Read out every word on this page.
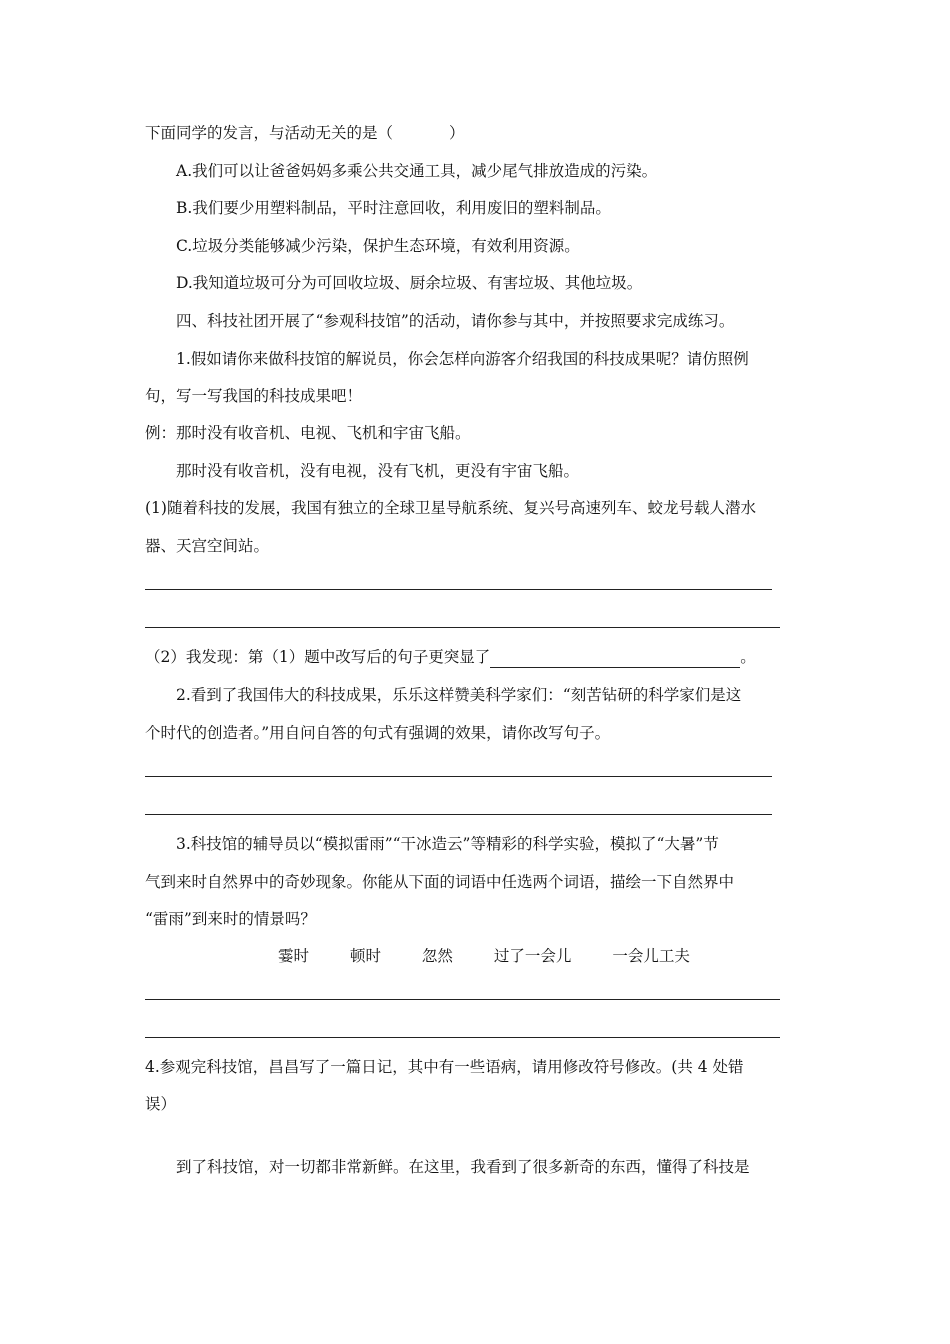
下面同学的发言，与活动无关的是（	）
A.我们可以让爸爸妈妈多乘公共交通工具，减少尾气排放造成的污染。
B.我们要少用塑料制品，平时注意回收，利用废旧的塑料制品。
C.垃圾分类能够减少污染，保护生态环境，有效利用资源。
D.我知道垃圾可分为可回收垃圾、厨余垃圾、有害垃圾、其他垃圾。
四、科技社团开展了“参观科技馆”的活动，请你参与其中，并按照要求完成练习。
1.假如请你来做科技馆的解说员，你会怎样向游客介绍我国的科技成果呢？请仿照例
句，写一写我国的科技成果吧！
例：那时没有收音机、电视、飞机和宇宙飞船。
那时没有收音机，没有电视，没有飞机，更没有宇宙飞船。
(1)随着科技的发展，我国有独立的全球卫星导航系统、复兴号高速列车、蛟龙号载人潜水
器、天宫空间站。
（2）我发现：第（1）题中改写后的句子更突显了	。
2.看到了我国伟大的科技成果，乐乐这样赞美科学家们：“刻苦钻研的科学家们是这
个时代的创造者。”用自问自答的句式有强调的效果，请你改写句子。
3.科技馆的辅导员以“模拟雷雨”“干冰造云”等精彩的科学实验，模拟了“大暑”节
气到来时自然界中的奇妙现象。你能从下面的词语中任选两个词语，描绘一下自然界中
“雷雨”到来时的情景吗？
霎时	顿时	忽然	过了一会儿	一会儿工夫
4.参观完科技馆，昌昌写了一篇日记，其中有一些语病，请用修改符号修改。(共 4 处错
误）
到了科技馆，对一切都非常新鲜。在这里，我看到了很多新奇的东西，懂得了科技是
